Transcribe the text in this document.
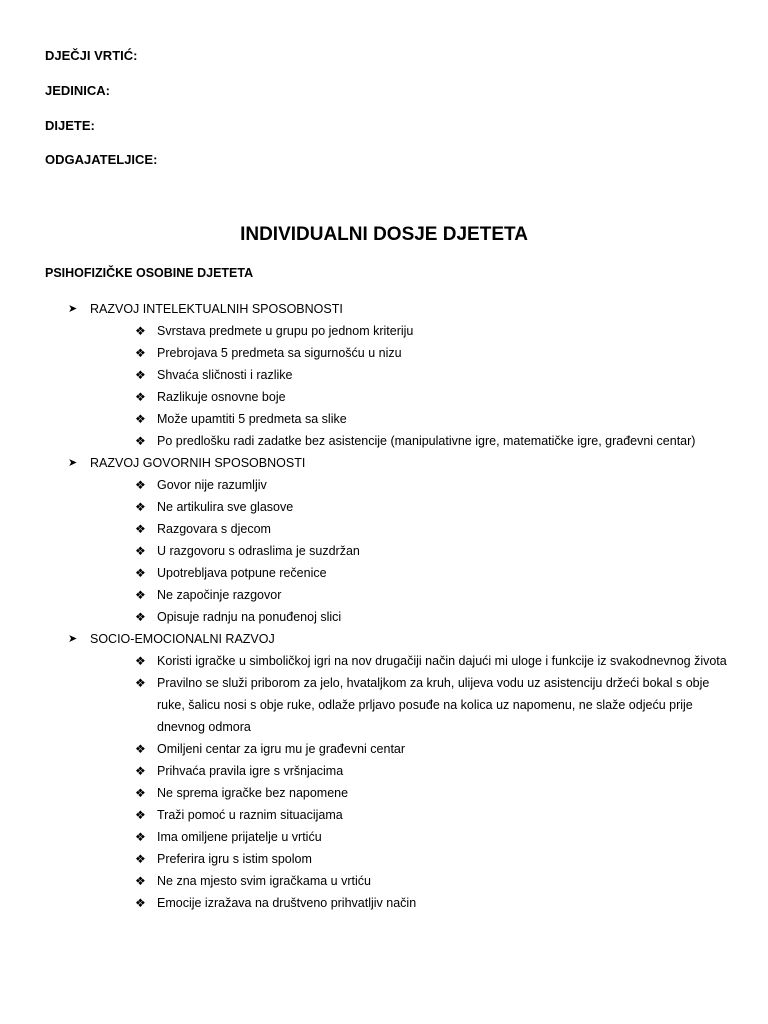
DJEČJI VRTIĆ:
JEDINICA:
DIJETE:
ODGAJATELJICE:
INDIVIDUALNI DOSJE DJETETA
PSIHOFIZIČKE OSOBINE DJETETA
➤ RAZVOJ INTELEKTUALNIH SPOSOBNOSTI
❖ Svrstava predmete u grupu po jednom kriteriju
❖ Prebrojava 5 predmeta sa sigurnošću u nizu
❖ Shvaća sličnosti i razlike
❖ Razlikuje osnovne boje
❖ Može upamtiti 5 predmeta sa slike
❖ Po predlošku radi zadatke bez asistencije (manipulativne igre, matematičke igre, građevni centar)
➤ RAZVOJ GOVORNIH SPOSOBNOSTI
❖ Govor nije razumljiv
❖ Ne artikulira sve glasove
❖ Razgovara s djecom
❖ U razgovoru s odraslima je suzdržan
❖ Upotrebljava potpune rečenice
❖ Ne započinje razgovor
❖ Opisuje radnju na ponuđenoj slici
➤ SOCIO-EMOCIONALNI RAZVOJ
❖ Koristi igračke u simboličkoj igri na nov drugačiji način dajući mi uloge i funkcije iz svakodnevnog života
❖ Pravilno se služi priborom za jelo, hvataljkom za kruh, ulijeva vodu uz asistenciju držeći bokal s obje ruke, šalicu nosi s obje ruke, odlaže prljavo posuđe na kolica uz napomenu, ne slaže odjeću prije dnevnog odmora
❖ Omiljeni centar za igru mu je građevni centar
❖ Prihvaća pravila igre s vršnjacima
❖ Ne sprema igračke bez napomene
❖ Traži pomoć u raznim situacijama
❖ Ima omiljene prijatelje u vrtiću
❖ Preferira igru s istim spolom
❖ Ne zna mjesto svim igračkama u vrtiću
❖ Emocije izražava na društveno prihvatljiv način
